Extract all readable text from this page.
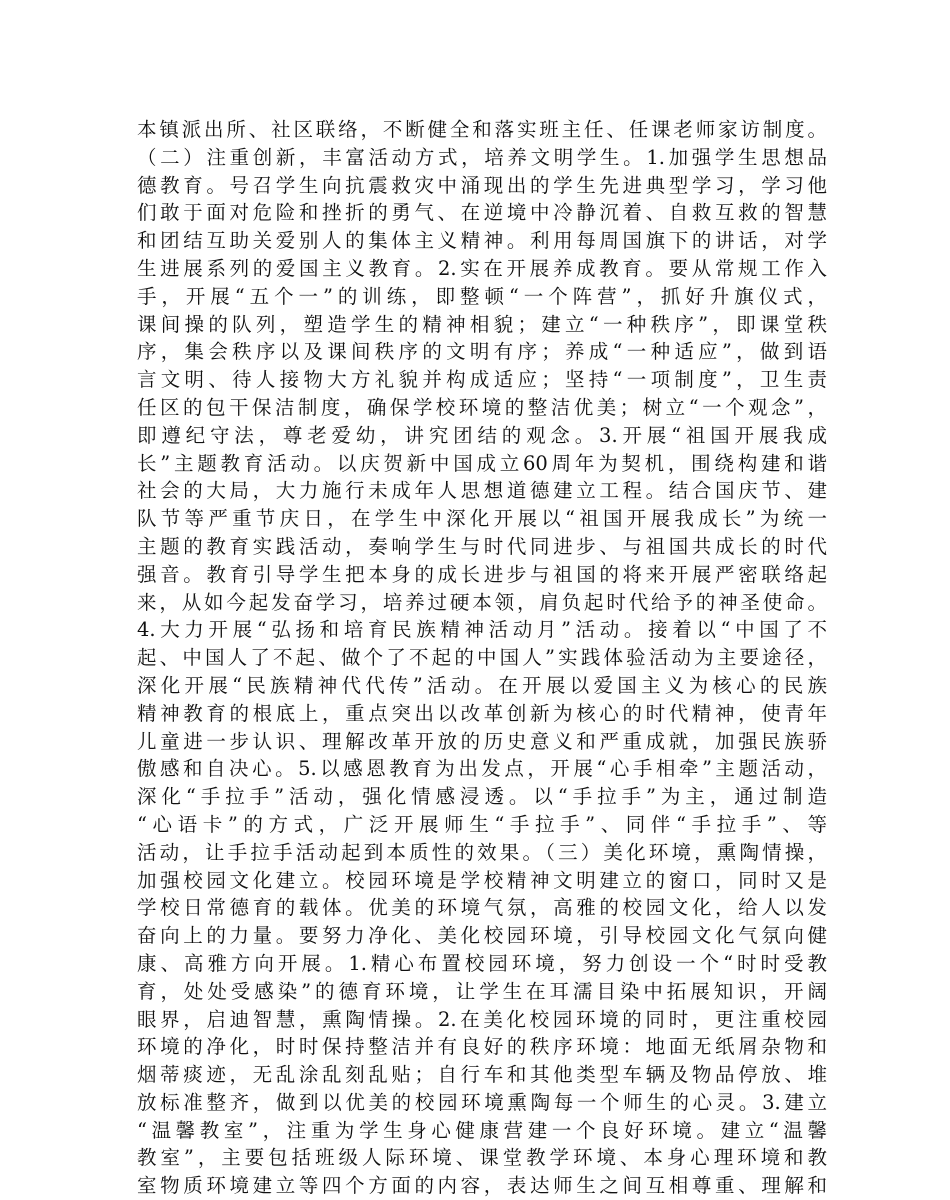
本镇派出所、社区联络，不断健全和落实班主任、任课老师家访制度。
（二）注重创新，丰富活动方式，培养文明学生。1.加强学生思想品
德教育。号召学生向抗震救灾中涌现出的学生先进典型学习，学习他
们敢于面对危险和挫折的勇气、在逆境中冷静沉着、自救互救的智慧
和团结互助关爱别人的集体主义精神。利用每周国旗下的讲话，对学
生进展系列的爱国主义教育。2.实在开展养成教育。要从常规工作入
手，开展“五个一”的训练，即整顿“一个阵营”，抓好升旗仪式，
课间操的队列，塑造学生的精神相貌；建立“一种秩序”，即课堂秩
序，集会秩序以及课间秩序的文明有序；养成“一种适应”，做到语
言文明、待人接物大方礼貌并构成适应；坚持“一项制度”，卫生责
任区的包干保洁制度，确保学校环境的整洁优美；树立“一个观念”，
即遵纪守法，尊老爱幼，讲究团结的观念。3.开展“祖国开展我成
长”主题教育活动。以庆贺新中国成立60周年为契机，围绕构建和谐
社会的大局，大力施行未成年人思想道德建立工程。结合国庆节、建
队节等严重节庆日，在学生中深化开展以“祖国开展我成长”为统一
主题的教育实践活动，奏响学生与时代同进步、与祖国共成长的时代
强音。教育引导学生把本身的成长进步与祖国的将来开展严密联络起
来，从如今起发奋学习，培养过硬本领，肩负起时代给予的神圣使命。
4.大力开展“弘扬和培育民族精神活动月”活动。接着以“中国了不
起、中国人了不起、做个了不起的中国人”实践体验活动为主要途径，
深化开展“民族精神代代传”活动。在开展以爱国主义为核心的民族
精神教育的根底上，重点突出以改革创新为核心的时代精神，使青年
儿童进一步认识、理解改革开放的历史意义和严重成就，加强民族骄
傲感和自决心。5.以感恩教育为出发点，开展“心手相牵”主题活动，
深化“手拉手”活动，强化情感浸透。以“手拉手”为主，通过制造
“心语卡”的方式，广泛开展师生“手拉手”、同伴“手拉手”、等
活动，让手拉手活动起到本质性的效果。（三）美化环境，熏陶情操，
加强校园文化建立。校园环境是学校精神文明建立的窗口，同时又是
学校日常德育的载体。优美的环境气氛，高雅的校园文化，给人以发
奋向上的力量。要努力净化、美化校园环境，引导校园文化气氛向健
康、高雅方向开展。1.精心布置校园环境，努力创设一个“时时受教
育，处处受感染”的德育环境，让学生在耳濡目染中拓展知识，开阔
眼界，启迪智慧，熏陶情操。2.在美化校园环境的同时，更注重校园
环境的净化，时时保持整洁并有良好的秩序环境：地面无纸屑杂物和
烟蒂痰迹，无乱涂乱刻乱贴；自行车和其他类型车辆及物品停放、堆
放标准整齐，做到以优美的校园环境熏陶每一个师生的心灵。3.建立
“温馨教室”，注重为学生身心健康营建一个良好环境。建立“温馨
教室”，主要包括班级人际环境、课堂教学环境、本身心理环境和教
室物质环境建立等四个方面的内容，表达师生之间互相尊重、理解和
